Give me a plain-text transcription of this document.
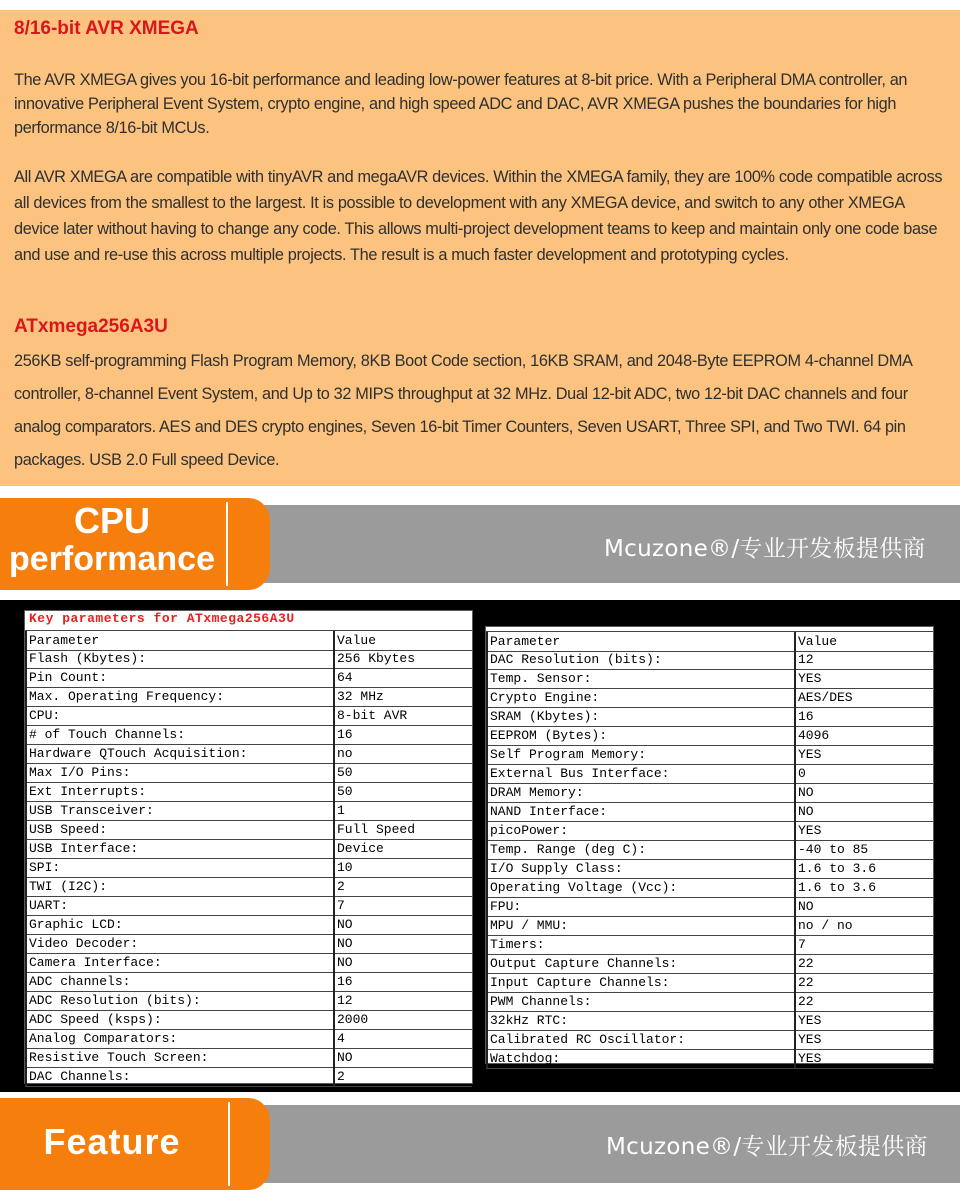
8/16-bit AVR XMEGA
The AVR XMEGA gives you 16-bit performance and leading low-power features at 8-bit price. With a Peripheral DMA controller, an innovative Peripheral Event System, crypto engine, and high speed ADC and DAC, AVR XMEGA pushes the boundaries for high performance 8/16-bit MCUs.
All AVR XMEGA are compatible with tinyAVR and megaAVR devices. Within the XMEGA family, they are 100% code compatible across all devices from the smallest to the largest. It is possible to development with any XMEGA device, and switch to any other XMEGA device later without having to change any code. This allows multi-project development teams to keep and maintain only one code base and use and re-use this across multiple projects. The result is a much faster development and prototyping cycles.
ATxmega256A3U
256KB self-programming Flash Program Memory, 8KB Boot Code section, 16KB SRAM, and 2048-Byte EEPROM 4-channel DMA controller, 8-channel Event System, and Up to 32 MIPS throughput at 32 MHz. Dual 12-bit ADC, two 12-bit DAC channels and four analog comparators. AES and DES crypto engines, Seven 16-bit Timer Counters, Seven USART, Three SPI, and Two TWI. 64 pin packages. USB 2.0 Full speed Device.
CPU
performance	Mcuzone®/专业开发板提供商
Key parameters for ATxmega256A3U
Parameter	Value
Flash (Kbytes):	256 Kbytes
Pin Count:	64
Max. Operating Frequency:	32 MHz
CPU:	8-bit AVR
# of Touch Channels:	16
Hardware QTouch Acquisition:	no
Max I/O Pins:	50
Ext Interrupts:	50
USB Transceiver:	1
USB Speed:	Full Speed
USB Interface:	Device
SPI:	10
TWI (I2C):	2
UART:	7
Graphic LCD:	NO
Video Decoder:	NO
Camera Interface:	NO
ADC channels:	16
ADC Resolution (bits):	12
ADC Speed (ksps):	2000
Analog Comparators:	4
Resistive Touch Screen:	NO
DAC Channels:	2
Parameter	Value
DAC Resolution (bits):	12
Temp. Sensor:	YES
Crypto Engine:	AES/DES
SRAM (Kbytes):	16
EEPROM (Bytes):	4096
Self Program Memory:	YES
External Bus Interface:	0
DRAM Memory:	NO
NAND Interface:	NO
picoPower:	YES
Temp. Range (deg C):	-40 to 85
I/O Supply Class:	1.6 to 3.6
Operating Voltage (Vcc):	1.6 to 3.6
FPU:	NO
MPU / MMU:	no / no
Timers:	7
Output Capture Channels:	22
Input Capture Channels:	22
PWM Channels:	22
32kHz RTC:	YES
Calibrated RC Oscillator:	YES
Watchdog:	YES
Feature	Mcuzone®/专业开发板提供商
